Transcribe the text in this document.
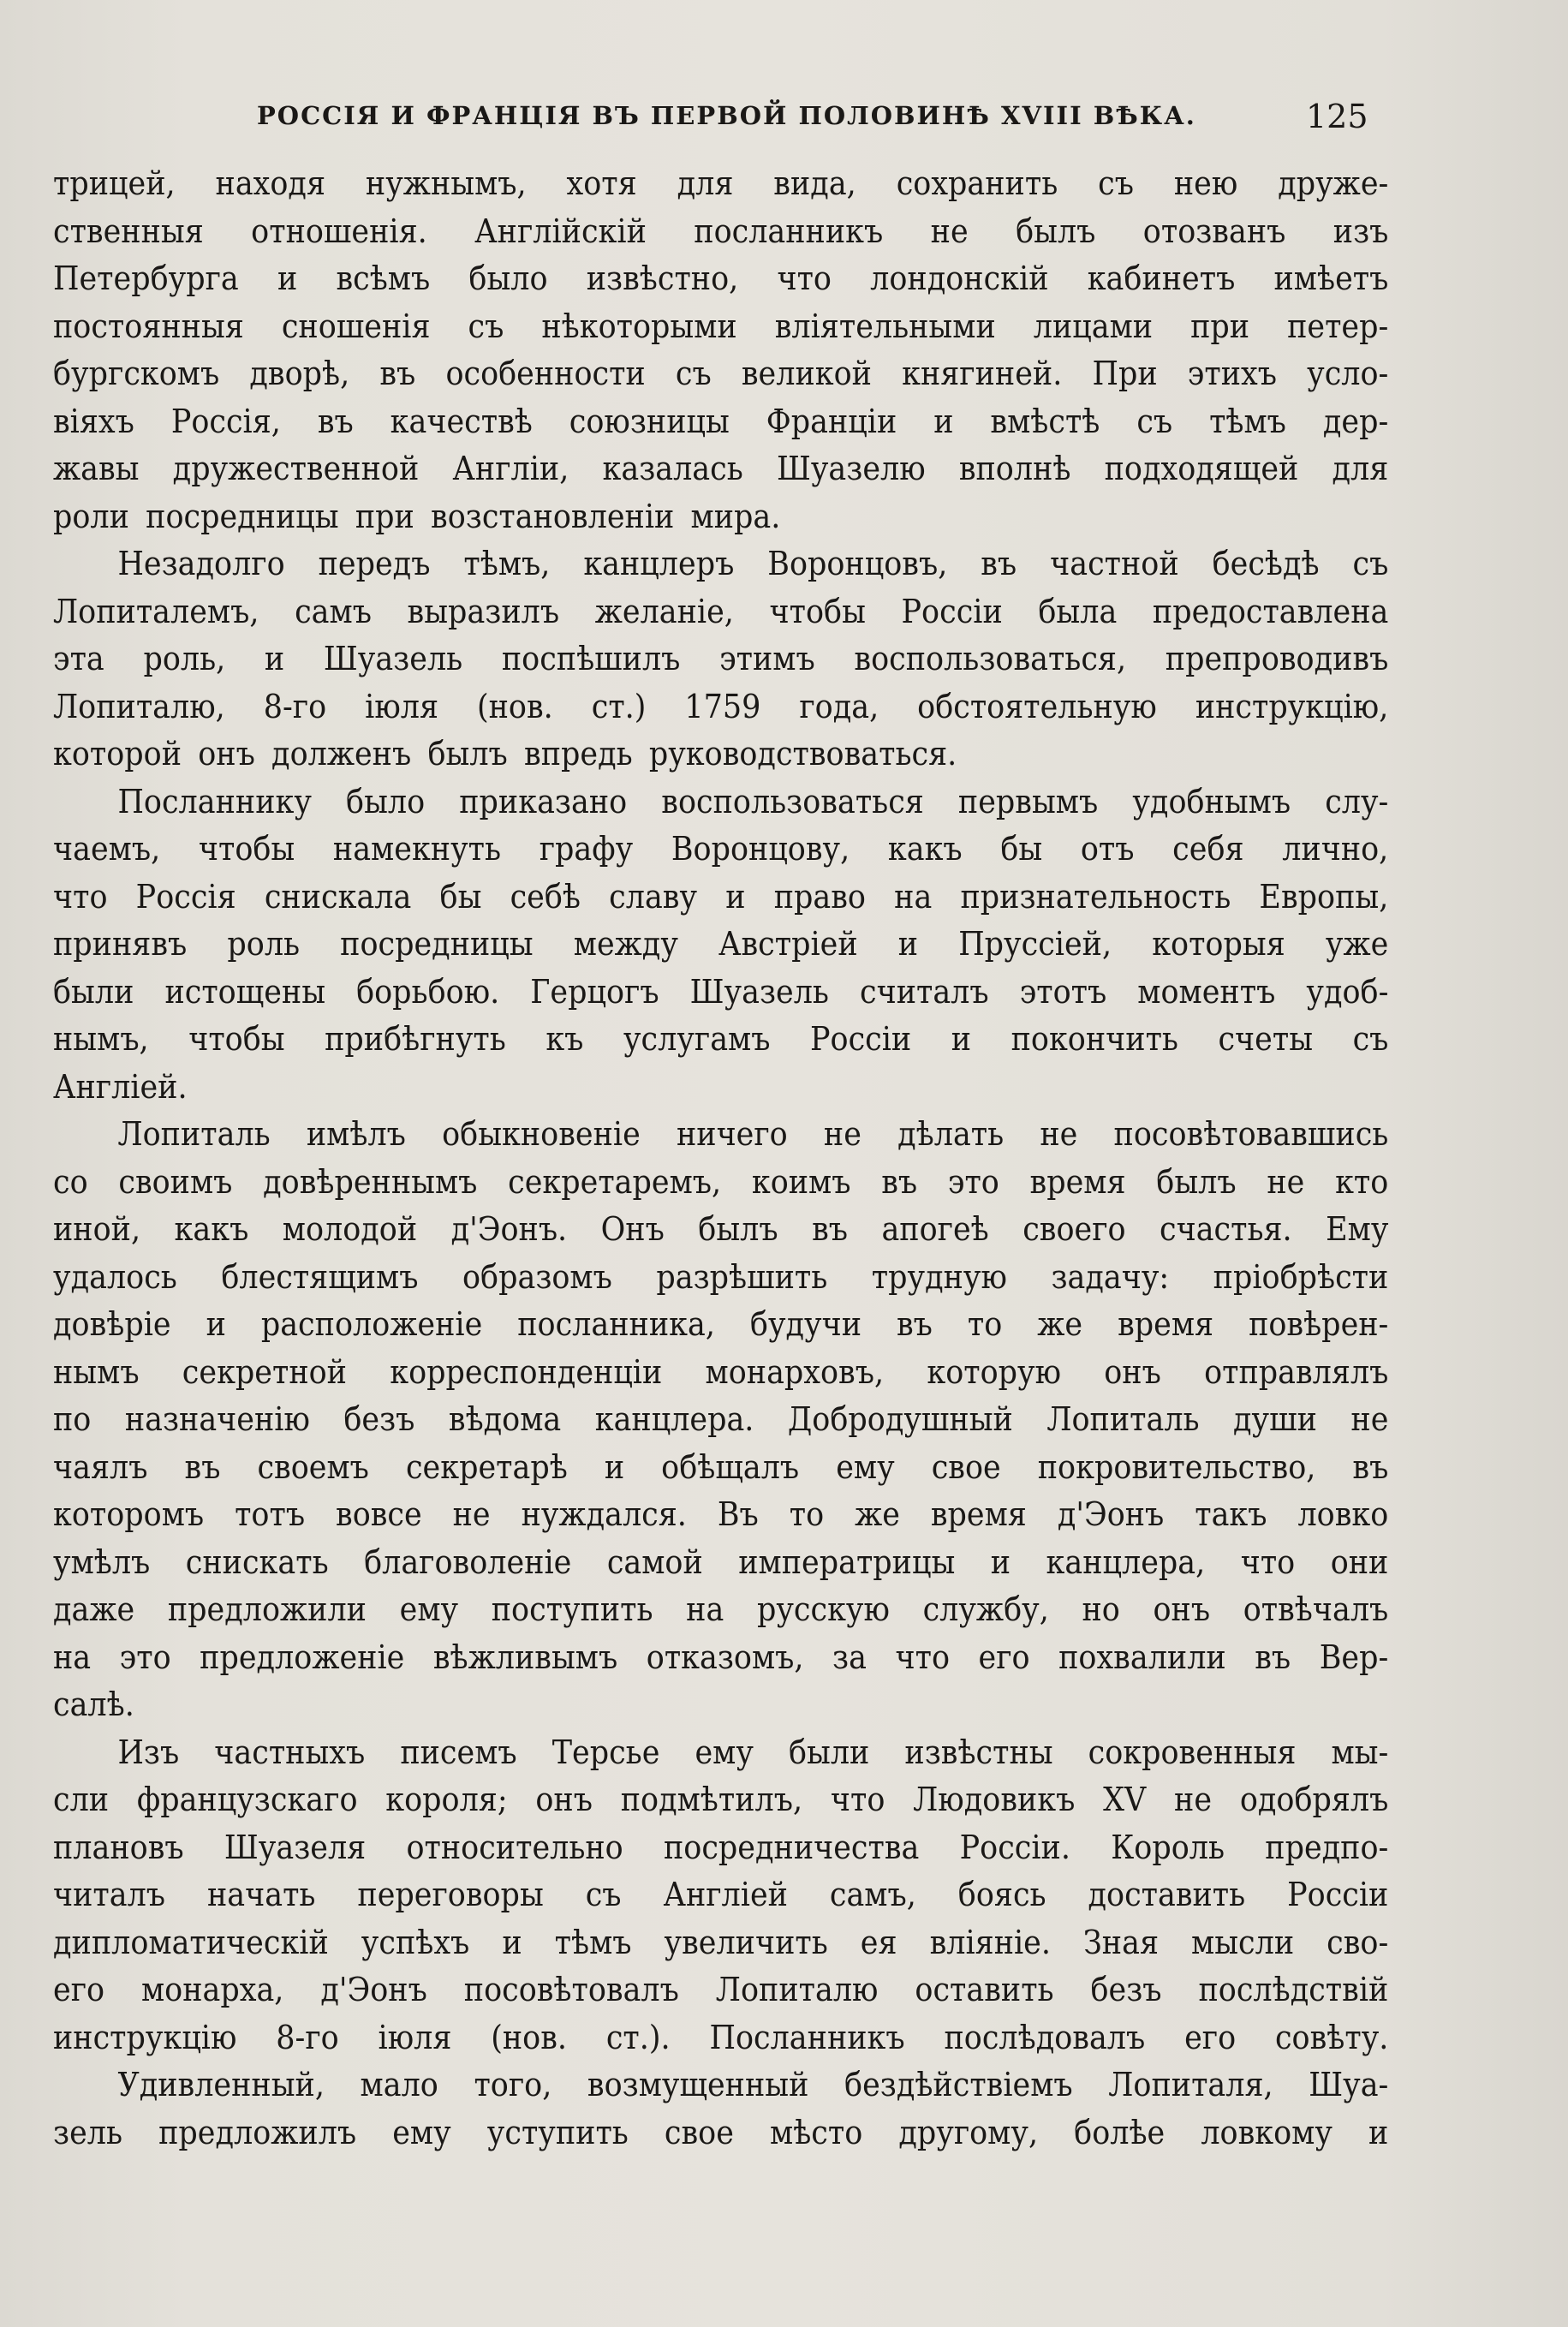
РОССІЯ И ФРАНЦІЯ ВЪ ПЕРВОЙ ПОЛОВИНѢ XVIII ВѢКА.	125
трицей, находя нужнымъ, хотя для вида, сохранить съ нею друже-
ственныя отношенія. Англійскій посланникъ не былъ отозванъ изъ
Петербурга и всѣмъ было извѣстно, что лондонскій кабинетъ имѣетъ
постоянныя сношенія съ нѣкоторыми вліятельными лицами при петер-
бургскомъ дворѣ, въ особенности съ великой княгиней. При этихъ усло-
віяхъ Россія, въ качествѣ союзницы Франціи и вмѣстѣ съ тѣмъ дер-
жавы дружественной Англіи, казалась Шуазелю вполнѣ подходящей для
роли посредницы при возстановленіи мира.
Незадолго передъ тѣмъ, канцлеръ Воронцовъ, въ частной бесѣдѣ съ
Лопиталемъ, самъ выразилъ желаніе, чтобы Россіи была предоставлена
эта роль, и Шуазель поспѣшилъ этимъ воспользоваться, препроводивъ
Лопиталю, 8-го іюля (нов. ст.) 1759 года, обстоятельную инструкцію,
которой онъ долженъ былъ впредь руководствоваться.
Посланнику было приказано воспользоваться первымъ удобнымъ слу-
чаемъ, чтобы намекнуть графу Воронцову, какъ бы отъ себя лично,
что Россія снискала бы себѣ славу и право на признательность Европы,
принявъ роль посредницы между Австріей и Пруссіей, которыя уже
были истощены борьбою. Герцогъ Шуазель считалъ этотъ моментъ удоб-
нымъ, чтобы прибѣгнуть къ услугамъ Россіи и покончить счеты съ
Англіей.
Лопиталь имѣлъ обыкновеніе ничего не дѣлать не посовѣтовавшись
со своимъ довѣреннымъ секретаремъ, коимъ въ это время былъ не кто
иной, какъ молодой д'Эонъ. Онъ былъ въ апогеѣ своего счастья. Ему
удалось блестящимъ образомъ разрѣшить трудную задачу: пріобрѣсти
довѣріе и расположеніе посланника, будучи въ то же время повѣрен-
нымъ секретной корреспонденціи монарховъ, которую онъ отправлялъ
по назначенію безъ вѣдома канцлера. Добродушный Лопиталь души не
чаялъ въ своемъ секретарѣ и обѣщалъ ему свое покровительство, въ
которомъ тотъ вовсе не нуждался. Въ то же время д'Эонъ такъ ловко
умѣлъ снискать благоволеніе самой императрицы и канцлера, что они
даже предложили ему поступить на русскую службу, но онъ отвѣчалъ
на это предложеніе вѣжливымъ отказомъ, за что его похвалили въ Вер-
салѣ.
Изъ частныхъ писемъ Терсье ему были извѣстны сокровенныя мы-
сли французскаго короля; онъ подмѣтилъ, что Людовикъ XV не одобрялъ
плановъ Шуазеля относительно посредничества Россіи. Король предпо-
читалъ начать переговоры съ Англіей самъ, боясь доставить Россіи
дипломатическій успѣхъ и тѣмъ увеличить ея вліяніе. Зная мысли сво-
его монарха, д'Эонъ посовѣтовалъ Лопиталю оставить безъ послѣдствій
инструкцію 8-го іюля (нов. ст.). Посланникъ послѣдовалъ его совѣту.
Удивленный, мало того, возмущенный бездѣйствіемъ Лопиталя, Шуа-
зель предложилъ ему уступить свое мѣсто другому, болѣе ловкому и
